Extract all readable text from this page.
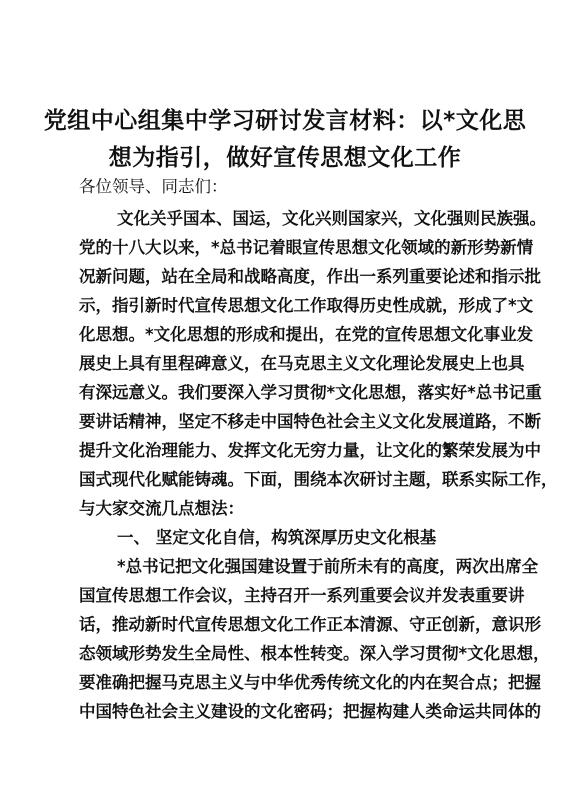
党组中心组集中学习研讨发言材料：以*文化思
想为指引，做好宣传思想文化工作
各位领导、同志们：
文化关乎国本、国运，文化兴则国家兴，文化强则民族强。
党的十八大以来，*总书记着眼宣传思想文化领域的新形势新情
况新问题，站在全局和战略高度，作出一系列重要论述和指示批
示，指引新时代宣传思想文化工作取得历史性成就，形成了*文
化思想。*文化思想的形成和提出，在党的宣传思想文化事业发
展史上具有里程碑意义，在马克思主义文化理论发展史上也具
有深远意义。我们要深入学习贯彻*文化思想，落实好*总书记重
要讲话精神，坚定不移走中国特色社会主义文化发展道路，不断
提升文化治理能力、发挥文化无穷力量，让文化的繁荣发展为中
国式现代化赋能铸魂。下面，围绕本次研讨主题，联系实际工作，
与大家交流几点想法：
一、 坚定文化自信，构筑深厚历史文化根基
*总书记把文化强国建设置于前所未有的高度，两次出席全
国宣传思想工作会议，主持召开一系列重要会议并发表重要讲
话，推动新时代宣传思想文化工作正本清源、守正创新，意识形
态领域形势发生全局性、根本性转变。深入学习贯彻*文化思想，
要准确把握马克思主义与中华优秀传统文化的内在契合点；把握
中国特色社会主义建设的文化密码；把握构建人类命运共同体的
